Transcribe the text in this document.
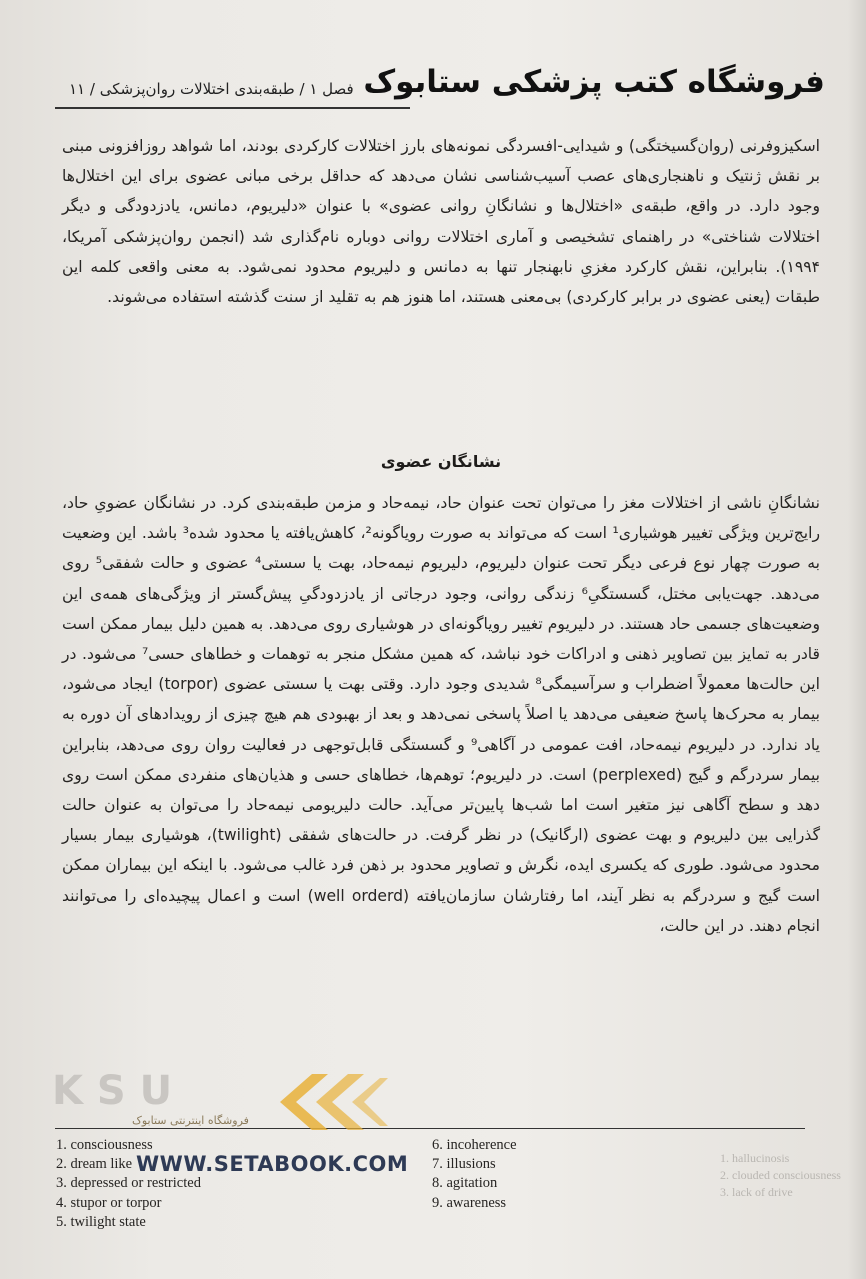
فروشگاه کتب پزشکی ستابوک
فصل ۱ / طبقه‌بندی اختلالات روان‌پزشکی / ۱۱

اسکیزوفرنی (روان‌گسیختگی) و شیدایی-افسردگی نمونه‌های بارز اختلالات کارکردی بودند، اما شواهد روزافزونی مبنی بر نقش ژنتیک و ناهنجاری‌های عصب آسیب‌شناسی نشان می‌دهد که حداقل برخی مبانی عضوی برای این اختلال‌ها وجود دارد. در واقع، طبقه‌ی «اختلال‌ها و نشانگانِ روانی عضوی» با عنوان «دلیریوم، دمانس، یادزدودگی و دیگر اختلالات شناختی» در راهنمای تشخیصی و آماری اختلالات روانی دوباره نام‌گذاری شد (انجمن روان‌پزشکی آمریکا، ۱۹۹۴). بنابراین، نقش کارکرد مغزیِ نابهنجار تنها به دمانس و دلیریوم محدود نمی‌شود. به معنی واقعی کلمه این طبقات (یعنی عضوی در برابر کارکردی) بی‌معنی هستند، اما هنوز هم به تقلید از سنت گذشته استفاده می‌شوند.

نشانگان عضوی

نشانگانِ ناشی از اختلالات مغز را می‌توان تحت عنوان حاد، نیمه‌حاد و مزمن طبقه‌بندی کرد. در نشانگان عضویِ حاد، رایج‌ترین ویژگی تغییر هوشیاری¹ است که می‌تواند به صورت رویاگونه²، کاهش‌یافته یا محدود شده³ باشد. این وضعیت به صورت چهار نوع فرعی دیگر تحت عنوان دلیریوم، دلیریوم نیمه‌حاد، بهت یا سستی⁴ عضوی و حالت شفقی⁵ روی می‌دهد. جهت‌یابی مختل، گسستگیِ⁶ زندگی روانی، وجود درجاتی از یادزدودگیِ پیش‌گستر از ویژگی‌های همه‌ی این وضعیت‌های جسمی حاد هستند. در دلیریوم تغییر رویاگونه‌ای در هوشیاری روی می‌دهد. به همین دلیل بیمار ممکن است قادر به تمایز بین تصاویر ذهنی و ادراکات خود نباشد، که همین مشکل منجر به توهمات و خطاهای حسی⁷ می‌شود. در این حالت‌ها معمولاً اضطراب و سرآسیمگی⁸ شدیدی وجود دارد. وقتی بهت یا سستی عضوی (torpor) ایجاد می‌شود، بیمار به محرک‌ها پاسخ ضعیفی می‌دهد یا اصلاً پاسخی نمی‌دهد و بعد از بهبودی هم هیچ چیزی از رویدادهای آن دوره به یاد ندارد. در دلیریوم نیمه‌حاد، افت عمومی در آگاهی⁹ و گسستگی قابل‌توجهی در فعالیت روان روی می‌دهد، بنابراین بیمار سردرگم و گیج (perplexed) است. در دلیریوم؛ توهم‌ها، خطاهای حسی و هذیان‌های منفردی ممکن است روی دهد و سطح آگاهی نیز متغیر است اما شب‌ها پایین‌تر می‌آید. حالت دلیریومی نیمه‌حاد را می‌توان به عنوان حالت گذرایی بین دلیریوم و بهت عضوی (ارگانیک) در نظر گرفت. در حالت‌های شفقی (twilight)، هوشیاری بیمار بسیار محدود می‌شود. طوری که یکسری ایده، نگرش و تصاویر محدود بر ذهن فرد غالب می‌شود. با اینکه این بیماران ممکن است گیج و سردرگم به نظر آیند، اما رفتارشان سازمان‌یافته (well orderd) است و اعمال پیچیده‌ای را می‌توانند انجام دهند. در این حالت،

1. consciousness
2. dream like
3. depressed or restricted
4. stupor or torpor
5. twilight state
6. incoherence
7. illusions
8. agitation
9. awareness
1. hallucinosis
2. clouded consciousness
3. lack of drive
K S U
فروشگاه اینترنتی ستابوک
WWW.SETABOOK.COM
